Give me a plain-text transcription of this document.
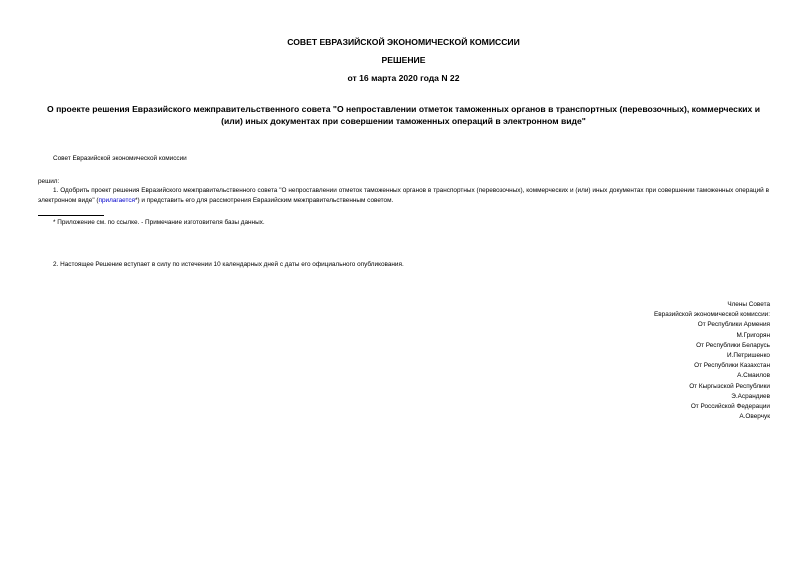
СОВЕТ ЕВРАЗИЙСКОЙ ЭКОНОМИЧЕСКОЙ КОМИССИИ
РЕШЕНИЕ
от 16 марта 2020 года N 22
О проекте решения Евразийского межправительственного совета "О непроставлении отметок таможенных органов в транспортных (перевозочных), коммерческих и (или) иных документах при совершении таможенных операций в электронном виде"
Совет Евразийской экономической комиссии
решил:
1. Одобрить проект решения Евразийского межправительственного совета "О непроставлении отметок таможенных органов в транспортных (перевозочных), коммерческих и (или) иных документах при совершении таможенных операций в электронном виде" (прилагается*) и представить его для рассмотрения Евразийским межправительственным советом.
* Приложение см. по ссылке. - Примечание изготовителя базы данных.
2. Настоящее Решение вступает в силу по истечении 10 календарных дней с даты его официального опубликования.
Члены Совета
Евразийской экономической комиссии:
От Республики Армения
М.Григорян
От Республики Беларусь
И.Петришенко
От Республики Казахстан
А.Смаилов
От Кыргызской Республики
Э.Асрандиев
От Российской Федерации
А.Оверчук
